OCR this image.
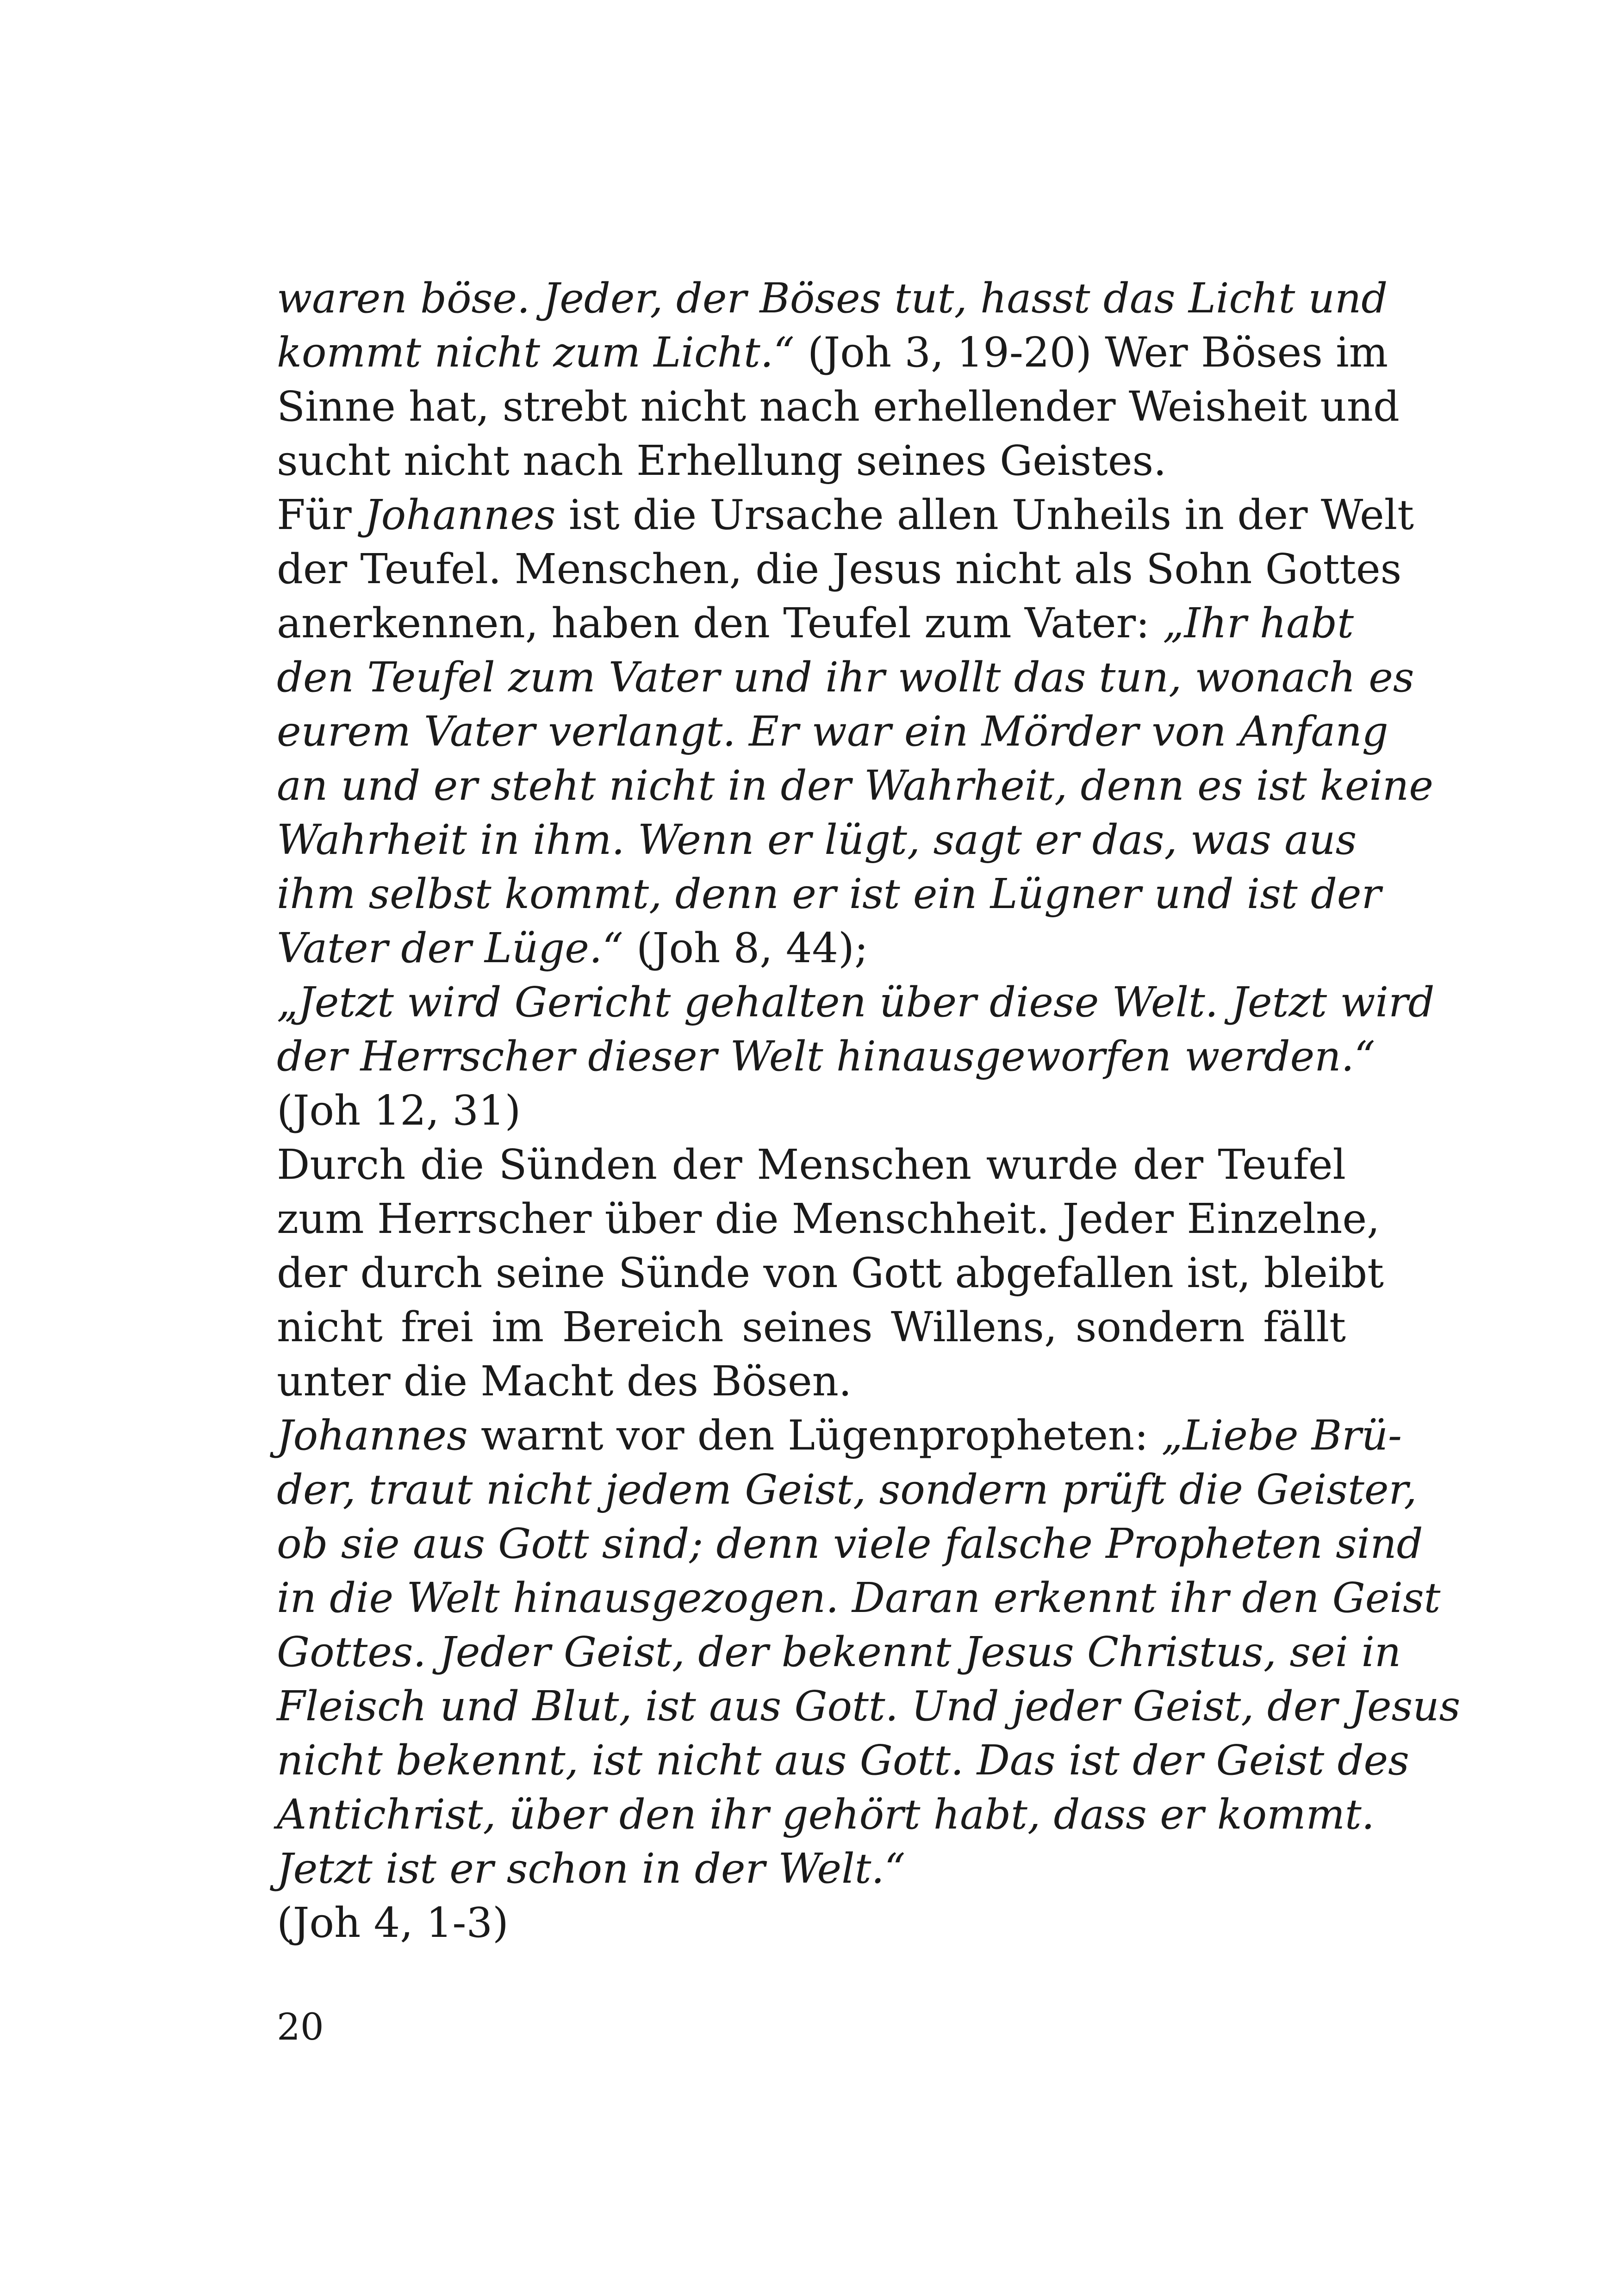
waren böse. Jeder, der Böses tut, hasst das Licht und
kommt nicht zum Licht.“ (Joh 3, 19-20) Wer Böses im
Sinne hat, strebt nicht nach erhellender Weisheit und
sucht nicht nach Erhellung seines Geistes.
Für Johannes ist die Ursache allen Unheils in der Welt
der Teufel. Menschen, die Jesus nicht als Sohn Gottes
anerkennen, haben den Teufel zum Vater: „Ihr habt
den Teufel zum Vater und ihr wollt das tun, wonach es
eurem Vater verlangt. Er war ein Mörder von Anfang
an und er steht nicht in der Wahrheit, denn es ist keine
Wahrheit in ihm. Wenn er lügt, sagt er das, was aus
ihm selbst kommt, denn er ist ein Lügner und ist der
Vater der Lüge.“ (Joh 8, 44);
„Jetzt wird Gericht gehalten über diese Welt. Jetzt wird
der Herrscher dieser Welt hinausgeworfen werden.“
(Joh 12, 31)
Durch die Sünden der Menschen wurde der Teufel
zum Herrscher über die Menschheit. Jeder Einzelne,
der durch seine Sünde von Gott abgefallen ist, bleibt
nicht frei im Bereich seines Willens, sondern fällt
unter die Macht des Bösen.
Johannes warnt vor den Lügenpropheten: „Liebe Brü-
der, traut nicht jedem Geist, sondern prüft die Geister,
ob sie aus Gott sind; denn viele falsche Propheten sind
in die Welt hinausgezogen. Daran erkennt ihr den Geist
Gottes. Jeder Geist, der bekennt Jesus Christus, sei in
Fleisch und Blut, ist aus Gott. Und jeder Geist, der Jesus
nicht bekennt, ist nicht aus Gott. Das ist der Geist des
Antichrist, über den ihr gehört habt, dass er kommt.
Jetzt ist er schon in der Welt.“
(Joh 4, 1-3)
20
